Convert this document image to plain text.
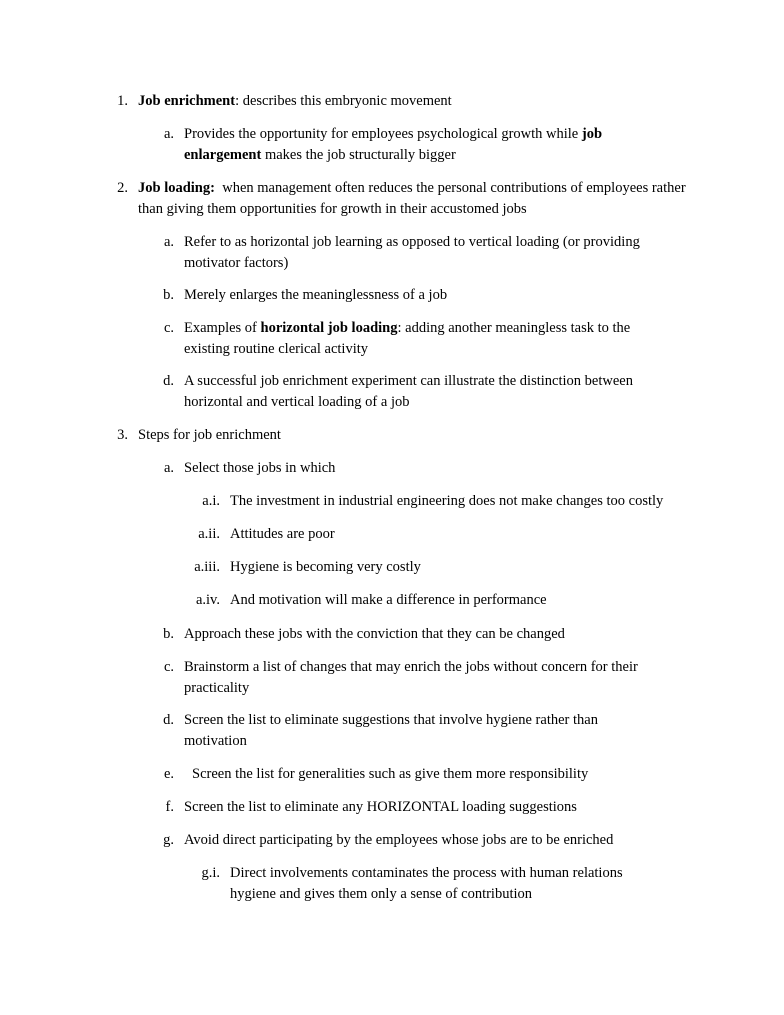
1. Job enrichment: describes this embryonic movement
a. Provides the opportunity for employees psychological growth while job enlargement makes the job structurally bigger
2. Job loading:  when management often reduces the personal contributions of employees rather than giving them opportunities for growth in their accustomed jobs
a. Refer to as horizontal job learning as opposed to vertical loading (or providing motivator factors)
b. Merely enlarges the meaninglessness of a job
c. Examples of horizontal job loading: adding another meaningless task to the existing routine clerical activity
d. A successful job enrichment experiment can illustrate the distinction between horizontal and vertical loading of a job
3. Steps for job enrichment
a. Select those jobs in which
a.i. The investment in industrial engineering does not make changes too costly
a.ii. Attitudes are poor
a.iii. Hygiene is becoming very costly
a.iv. And motivation will make a difference in performance
b. Approach these jobs with the conviction that they can be changed
c. Brainstorm a list of changes that may enrich the jobs without concern for their practicality
d. Screen the list to eliminate suggestions that involve hygiene rather than motivation
e. Screen the list for generalities such as give them more responsibility
f. Screen the list to eliminate any HORIZONTAL loading suggestions
g. Avoid direct participating by the employees whose jobs are to be enriched
g.i. Direct involvements contaminates the process with human relations hygiene and gives them only a sense of contribution
